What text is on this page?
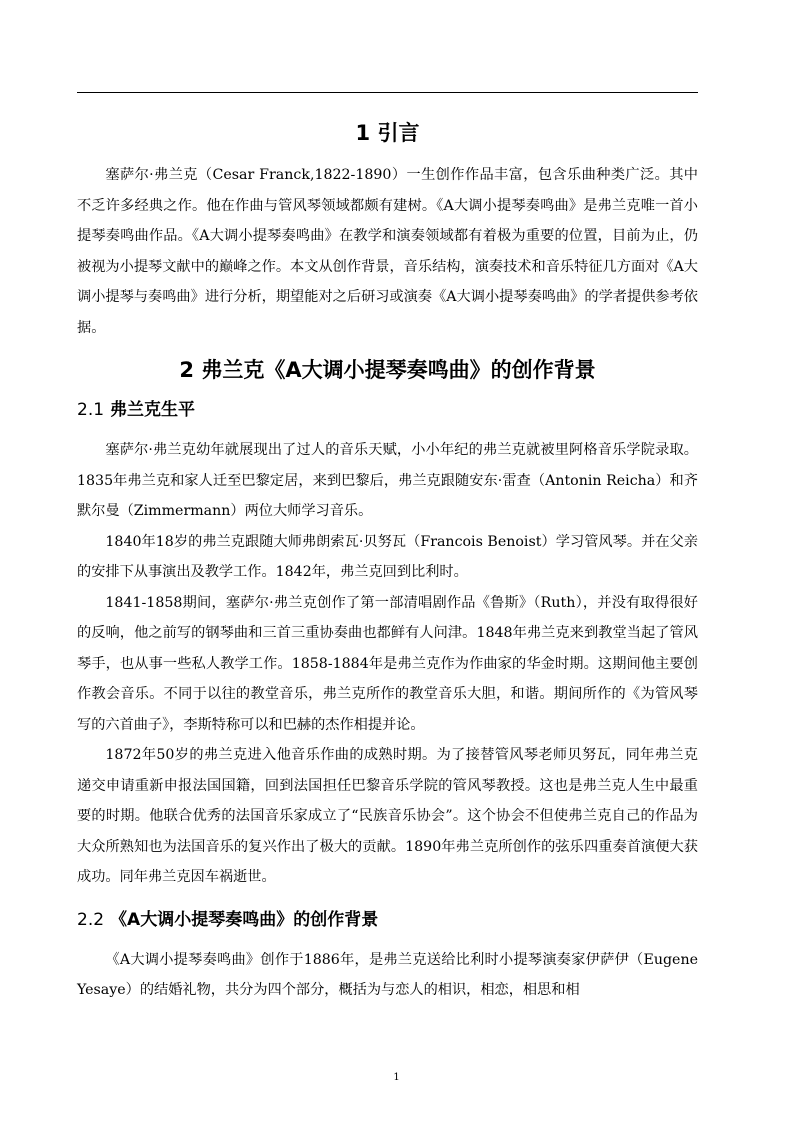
1 引言

塞萨尔·弗兰克（Cesar Franck,1822-1890）一生创作作品丰富，包含乐曲种类广泛。其中不乏许多经典之作。他在作曲与管风琴领域都颇有建树。《A大调小提琴奏鸣曲》是弗兰克唯一首小提琴奏鸣曲作品。《A大调小提琴奏鸣曲》在教学和演奏领域都有着极为重要的位置，目前为止，仍被视为小提琴文献中的巅峰之作。本文从创作背景，音乐结构，演奏技术和音乐特征几方面对《A大调小提琴与奏鸣曲》进行分析，期望能对之后研习或演奏《A大调小提琴奏鸣曲》的学者提供参考依据。

2 弗兰克《A大调小提琴奏鸣曲》的创作背景
2.1 弗兰克生平

塞萨尔·弗兰克幼年就展现出了过人的音乐天赋，小小年纪的弗兰克就被里阿格音乐学院录取。1835年弗兰克和家人迁至巴黎定居，来到巴黎后，弗兰克跟随安东·雷查（Antonin Reicha）和齐默尔曼（Zimmermann）两位大师学习音乐。

1840年18岁的弗兰克跟随大师弗朗索瓦·贝努瓦（Francois Benoist）学习管风琴。并在父亲的安排下从事演出及教学工作。1842年，弗兰克回到比利时。

1841-1858期间，塞萨尔·弗兰克创作了第一部清唱剧作品《鲁斯》（Ruth），并没有取得很好的反响，他之前写的钢琴曲和三首三重协奏曲也都鲜有人问津。1848年弗兰克来到教堂当起了管风琴手，也从事一些私人教学工作。1858-1884年是弗兰克作为作曲家的华金时期。这期间他主要创作教会音乐。不同于以往的教堂音乐，弗兰克所作的教堂音乐大胆，和谐。期间所作的《为管风琴写的六首曲子》，李斯特称可以和巴赫的杰作相提并论。

1872年50岁的弗兰克进入他音乐作曲的成熟时期。为了接替管风琴老师贝努瓦，同年弗兰克递交申请重新申报法国国籍，回到法国担任巴黎音乐学院的管风琴教授。这也是弗兰克人生中最重要的时期。他联合优秀的法国音乐家成立了“民族音乐协会”。这个协会不但使弗兰克自己的作品为大众所熟知也为法国音乐的复兴作出了极大的贡献。1890年弗兰克所创作的弦乐四重奏首演便大获成功。同年弗兰克因车祸逝世。

2.2 《A大调小提琴奏鸣曲》的创作背景

《A大调小提琴奏鸣曲》创作于1886年，是弗兰克送给比利时小提琴演奏家伊萨伊（Eugene Yesaye）的结婚礼物，共分为四个部分，概括为与恋人的相识，相恋，相思和相

1
